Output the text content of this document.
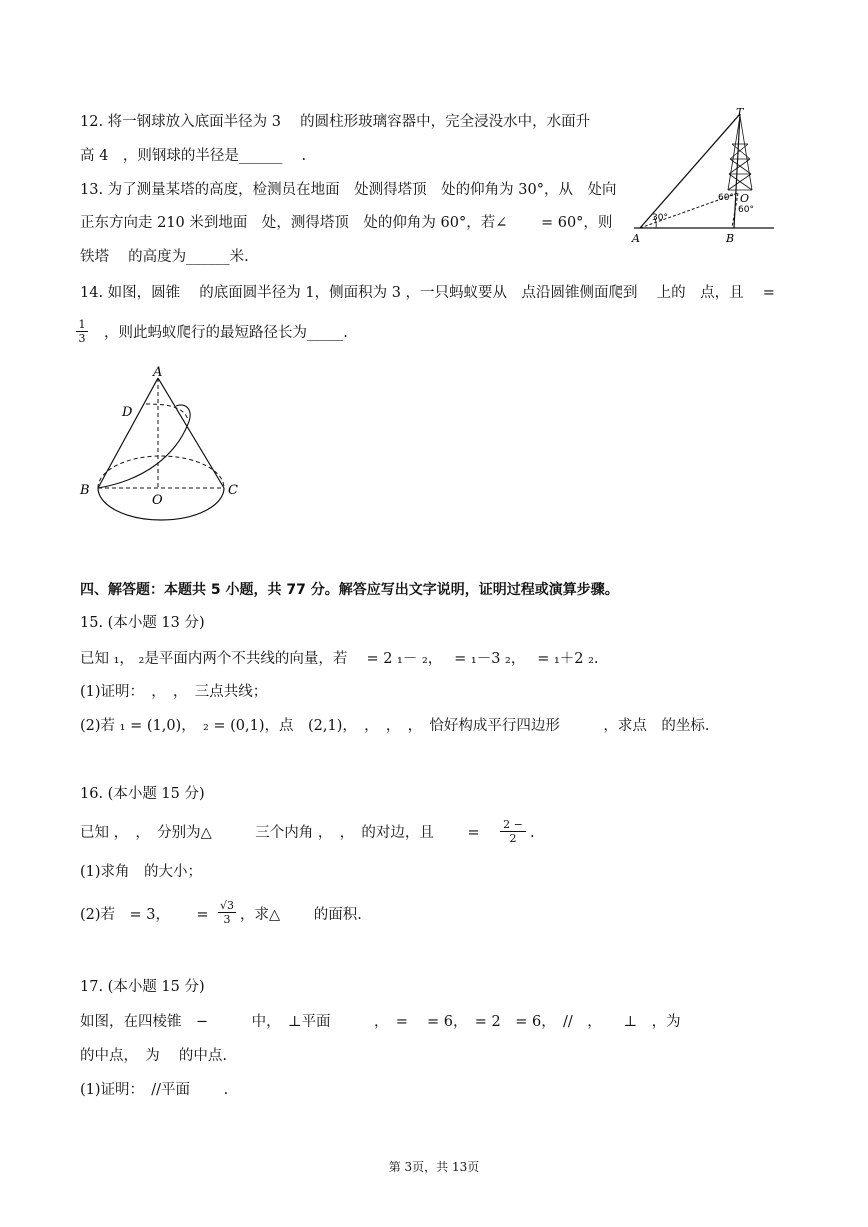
12. 将一钢球放入底面半径为 3　 的圆柱形玻璃容器中，完全浸没水中，水面升
高 4　，则钢球的半径是______　 .
13. 为了测量某塔的高度，检测员在地面　处测得塔顶　处的仰角为 30°，从　处向
正东方向走 210 米到地面　处，测得塔顶　处的仰角为 60°，若∠　　 = 60°，则
铁塔　 的高度为______米.
T
O
A	B
30°
60°
60°
14. 如图，圆锥　 的底面圆半径为 1，侧面积为 3 ，一只蚂蚁要从　点沿圆锥侧面爬到　 上的　点，且　 =
$\frac{1}{3}$ ，则此蚂蚁爬行的最短路径长为_____.
A
D
B
O
C
四、解答题：本题共 5 小题，共 77 分。解答应写出文字说明，证明过程或演算步骤。
15. (本小题 13 分)
已知 ₁， ₂是平面内两个不共线的向量，若　 = 2 ₁－ ₂，　 = ₁－3 ₂，　 = ₁＋2 ₂.
(1)证明：　，　，　三点共线；
(2)若 ₁ = (1,0)，　₂ = (0,1)，点　(2,1)，　，　，　，　恰好构成平行四边形　　　，求点　的坐标.
16. (本小题 15 分)
已知 ，　，　分别为△　　　三个内角 ，　，　的对边，且　　 = $\frac{2 -}{2}$ .
(1)求角　的大小；
(2)若　= 3，　　 = $\frac{√3}{3}$ ，求△　　 的面积.
17. (本小题 15 分)
如图，在四棱锥　−　　　中，　⊥平面　　　，　=　 = 6，　= 2　= 6，　//　，　　⊥　，为
的中点，　为　 的中点.
(1)证明：　//平面　　 .
第 3页，共 13页
